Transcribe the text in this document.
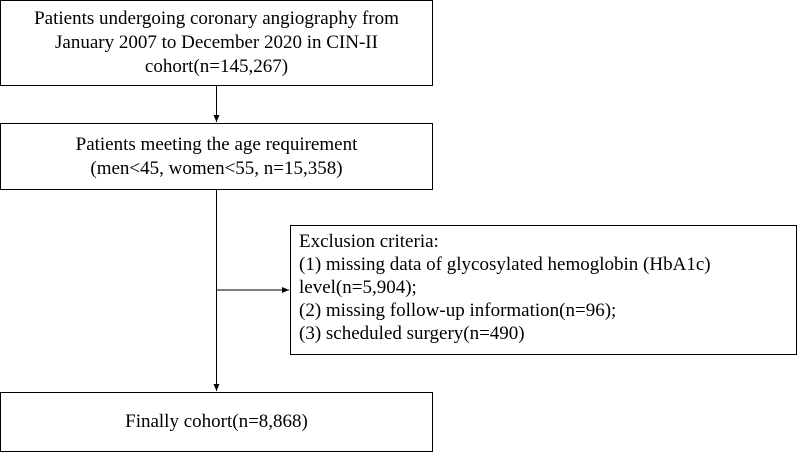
Patients undergoing coronary angiography from
January 2007 to December 2020 in CIN-II
cohort(n=145,267)
Patients meeting the age requirement
(men<45, women<55, n=15,358)
Exclusion criteria:
(1) missing data of glycosylated hemoglobin (HbA1c)
level(n=5,904);
(2) missing follow-up information(n=96);
(3) scheduled surgery(n=490)
Finally cohort(n=8,868)
